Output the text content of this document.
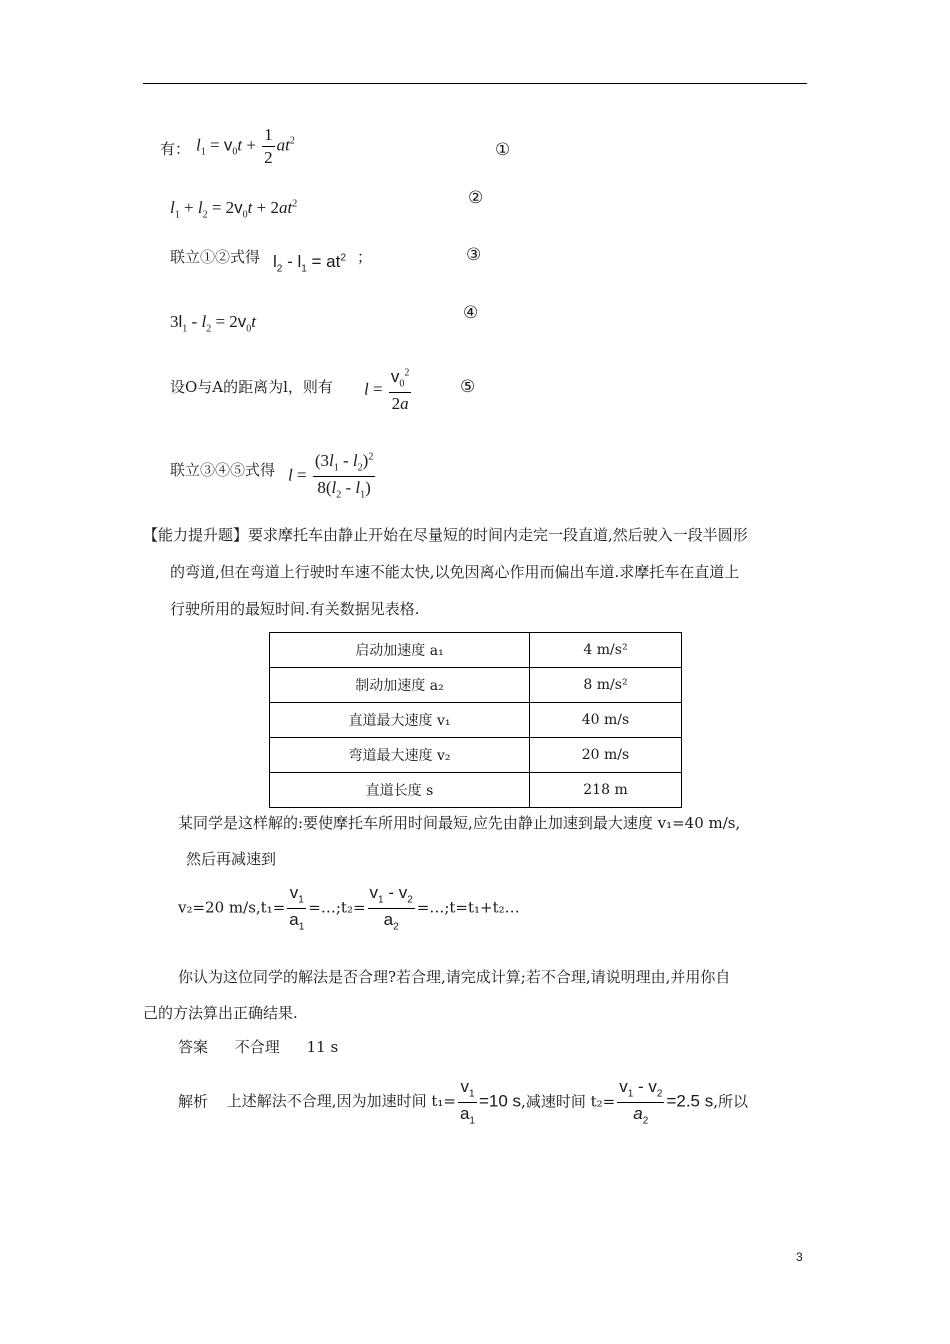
有： $l_1 = v_0t + \frac{1}{2} at^2$	①
$l_1 + l_2 = 2v_0t + 2at^2$	②
联立①②式得 $l_2 - l_1 = at^2$ ；	③
$3l_1 - l_2 = 2v_0t$	④
设O与A的距离为l，则有 $l = \frac{v_0^2}{2a}$	⑤
联立③④⑤式得 $l = \frac{(3l_1 - l_2)^2}{8(l_2 - l_1)}$
【能力提升题】要求摩托车由静止开始在尽量短的时间内走完一段直道,然后驶入一段半圆形
的弯道,但在弯道上行驶时车速不能太快,以免因离心作用而偏出车道.求摩托车在直道上
行驶所用的最短时间.有关数据见表格.
启动加速度 a₁	4 m/s²
制动加速度 a₂	8 m/s²
直道最大速度 v₁	40 m/s
弯道最大速度 v₂	20 m/s
直道长度 s	218 m
某同学是这样解的:要使摩托车所用时间最短,应先由静止加速到最大速度 v₁=40 m/s,
然后再减速到
v₂=20 $m/s,t_1= \frac{v_1}{a_1}$ =…;t₂= $\frac{v_1 - v_2}{a_2}$ =…;t=t₁+t₂…
你认为这位同学的解法是否合理?若合理,请完成计算;若不合理,请说明理由,并用你自
己的方法算出正确结果.
答案 不合理 11 s
解析 上述解法不合理,因为加速时间 $t_1= \frac{v_1}{a_1} =10$ s,减速时间 $t_2= \frac{v_1 - v_2}{a_2} =2.5$ s,所以
3
